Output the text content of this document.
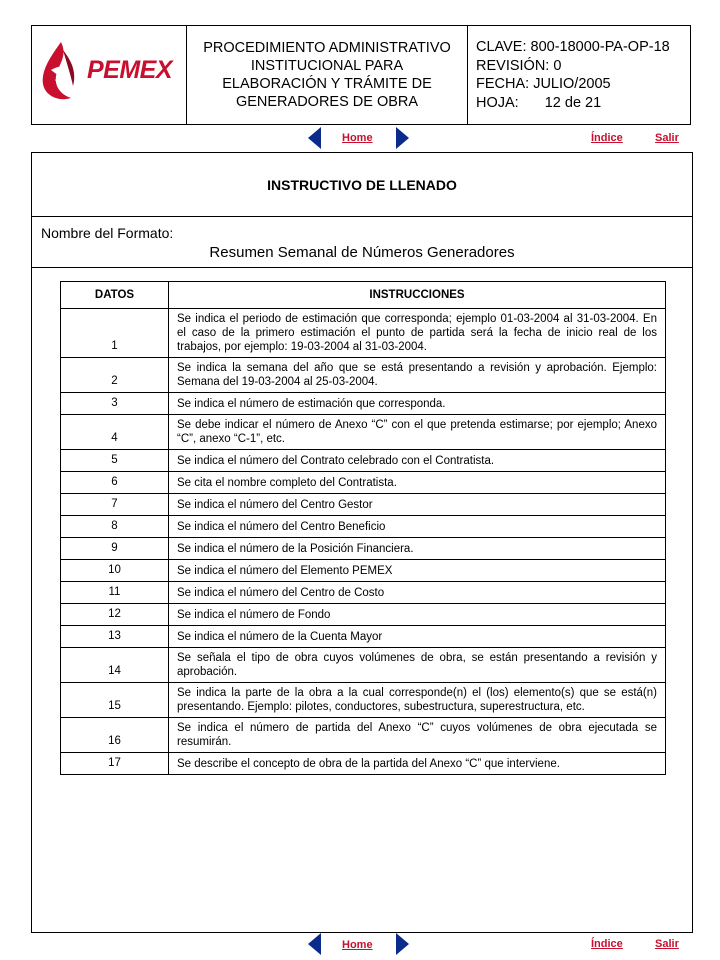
PEMEX
PROCEDIMIENTO ADMINISTRATIVO
INSTITUCIONAL PARA
ELABORACIÓN Y TRÁMITE DE
GENERADORES DE OBRA
CLAVE: 800-18000-PA-OP-18
REVISIÓN: 0
FECHA: JULIO/2005
HOJA: 12 de 21
Home	Índice	Salir
INSTRUCTIVO DE LLENADO
Nombre del Formato:
Resumen Semanal de Números Generadores
DATOS	INSTRUCCIONES
1	Se indica el periodo de estimación que corresponda; ejemplo 01-03-2004 al 31-03-2004. En el caso de la primero estimación el punto de partida será la fecha de inicio real de los trabajos, por ejemplo: 19-03-2004 al 31-03-2004.
2	Se indica la semana del año que se está presentando a revisión y aprobación. Ejemplo: Semana del 19-03-2004 al 25-03-2004.
3	Se indica el número de estimación que corresponda.
4	Se debe indicar el número de Anexo “C” con el que pretenda estimarse; por ejemplo; Anexo “C”, anexo “C-1”, etc.
5	Se indica el número del Contrato celebrado con el Contratista.
6	Se cita el nombre completo del Contratista.
7	Se indica el número del Centro Gestor
8	Se indica el número del Centro Beneficio
9	Se indica el número de la Posición Financiera.
10	Se indica el número del Elemento PEMEX
11	Se indica el número del Centro de Costo
12	Se indica el número de Fondo
13	Se indica el número de la Cuenta Mayor
14	Se señala el tipo de obra cuyos volúmenes de obra, se están presentando a revisión y aprobación.
15	Se indica la parte de la obra a la cual corresponde(n) el (los) elemento(s) que se está(n) presentando. Ejemplo: pilotes, conductores, subestructura, superestructura, etc.
16	Se indica el número de partida del Anexo “C” cuyos volúmenes de obra ejecutada se resumirán.
17	Se describe el concepto de obra de la partida del Anexo “C” que interviene.
Home	Índice	Salir
